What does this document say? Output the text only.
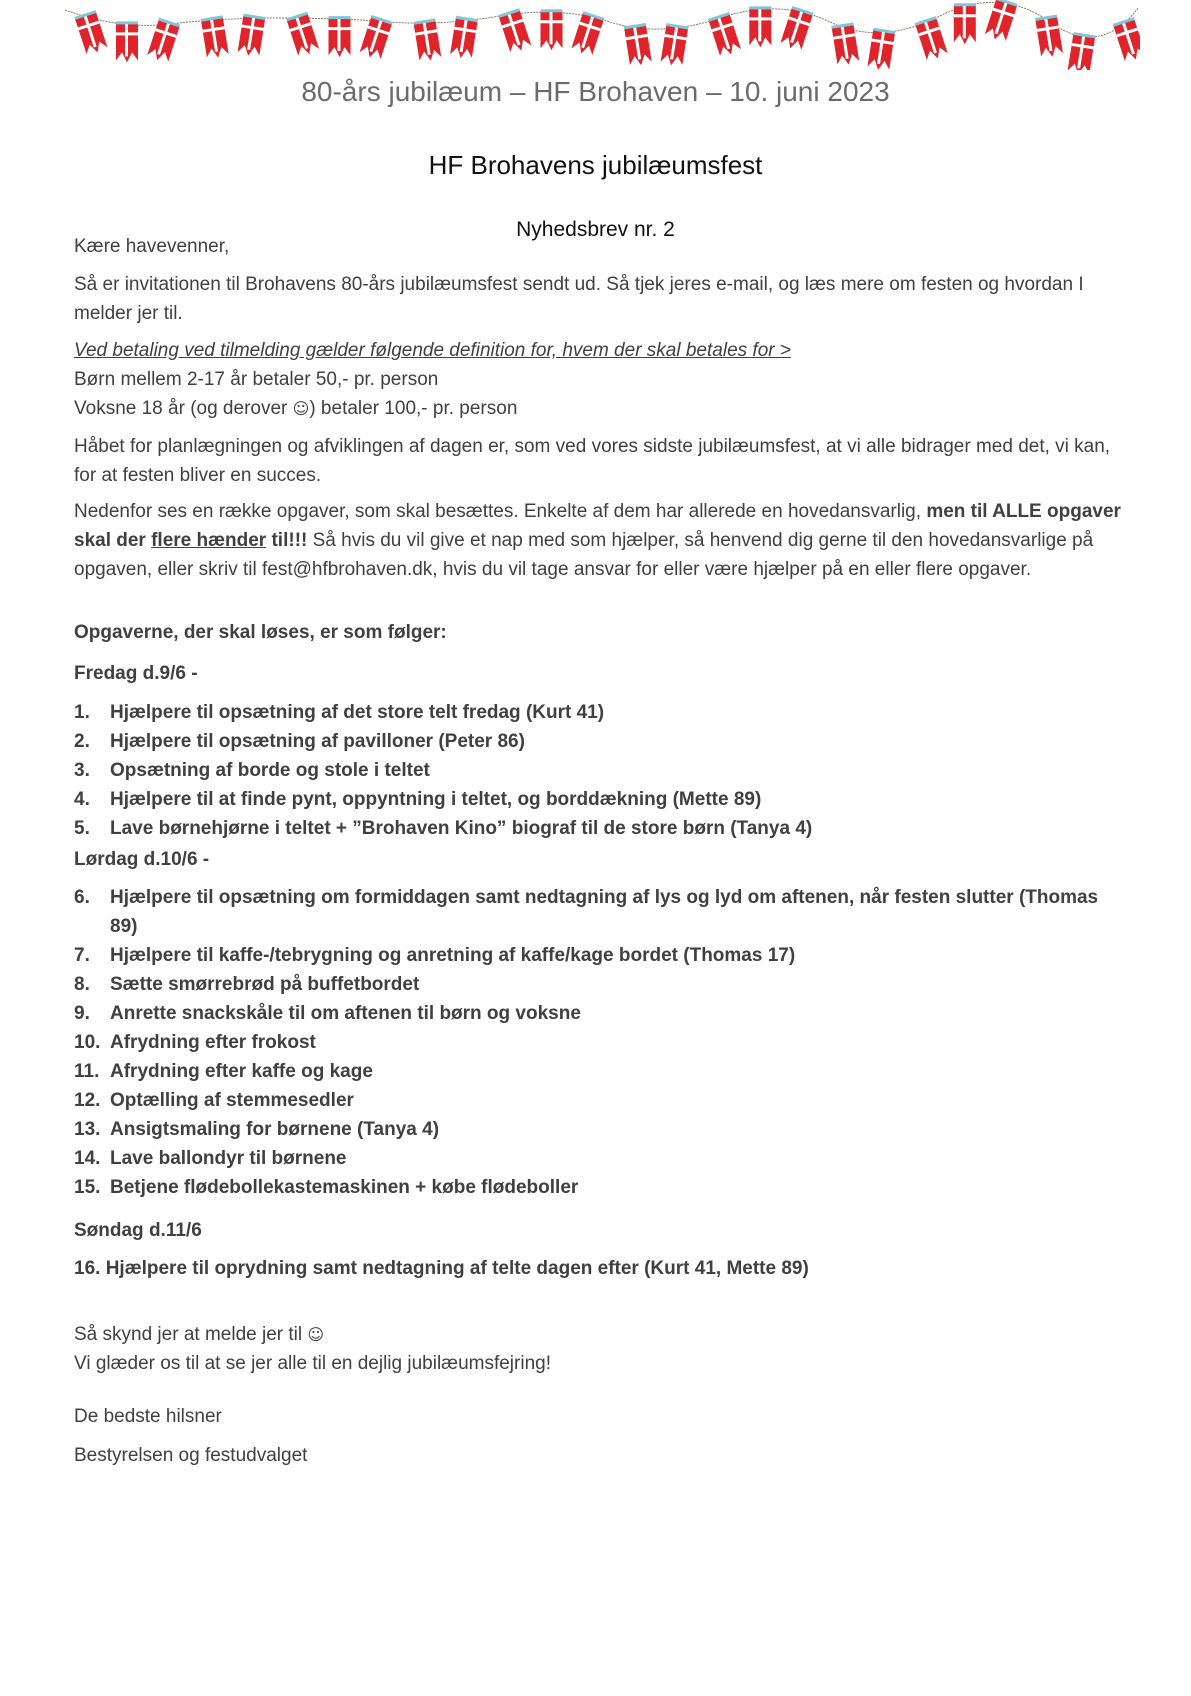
80-års jubilæum – HF Brohaven – 10. juni 2023
HF Brohavens jubilæumsfest
Nyhedsbrev nr. 2
Kære havevenner,

Så er invitationen til Brohavens 80-års jubilæumsfest sendt ud. Så tjek jeres e-mail, og læs mere om festen og hvordan I melder jer til.

Ved betaling ved tilmelding gælder følgende definition for, hvem der skal betales for >

Børn mellem 2-17 år betaler 50,- pr. person

Voksne 18 år (og derover ☺) betaler 100,- pr. person

Håbet for planlægningen og afviklingen af dagen er, som ved vores sidste jubilæumsfest, at vi alle bidrager med det, vi kan, for at festen bliver en succes.

Nedenfor ses en række opgaver, som skal besættes. Enkelte af dem har allerede en hovedansvarlig, men til ALLE opgaver skal der flere hænder til!!! Så hvis du vil give et nap med som hjælper, så henvend dig gerne til den hovedansvarlige på opgaven, eller skriv til fest@hfbrohaven.dk, hvis du vil tage ansvar for eller være hjælper på en eller flere opgaver.

Opgaverne, der skal løses, er som følger:
Fredag d.9/6 -
1.	Hjælpere til opsætning af det store telt fredag (Kurt 41)
2.	Hjælpere til opsætning af pavilloner (Peter 86)
3.	Opsætning af borde og stole i teltet
4.	Hjælpere til at finde pynt, oppyntning i teltet, og borddækning (Mette 89)
5.	Lave børnehjørne i teltet + ”Brohaven Kino” biograf til de store børn (Tanya 4)
Lørdag d.10/6 -
6.	Hjælpere til opsætning om formiddagen samt nedtagning af lys og lyd om aftenen, når festen slutter (Thomas 89)
7.	Hjælpere til kaffe-/tebrygning og anretning af kaffe/kage bordet (Thomas 17)
8.	Sætte smørrebrød på buffetbordet
9.	Anrette snackskåle til om aftenen til børn og voksne
10. Afrydning efter frokost
11. Afrydning efter kaffe og kage
12. Optælling af stemmesedler
13. Ansigtsmaling for børnene (Tanya 4)
14. Lave ballondyr til børnene
15. Betjene flødebollekastemaskinen + købe flødeboller
Søndag d.11/6
16. Hjælpere til oprydning samt nedtagning af telte dagen efter (Kurt 41, Mette 89)

Så skynd jer at melde jer til ☺

Vi glæder os til at se jer alle til en dejlig jubilæumsfejring!

De bedste hilsner
Bestyrelsen og festudvalget
